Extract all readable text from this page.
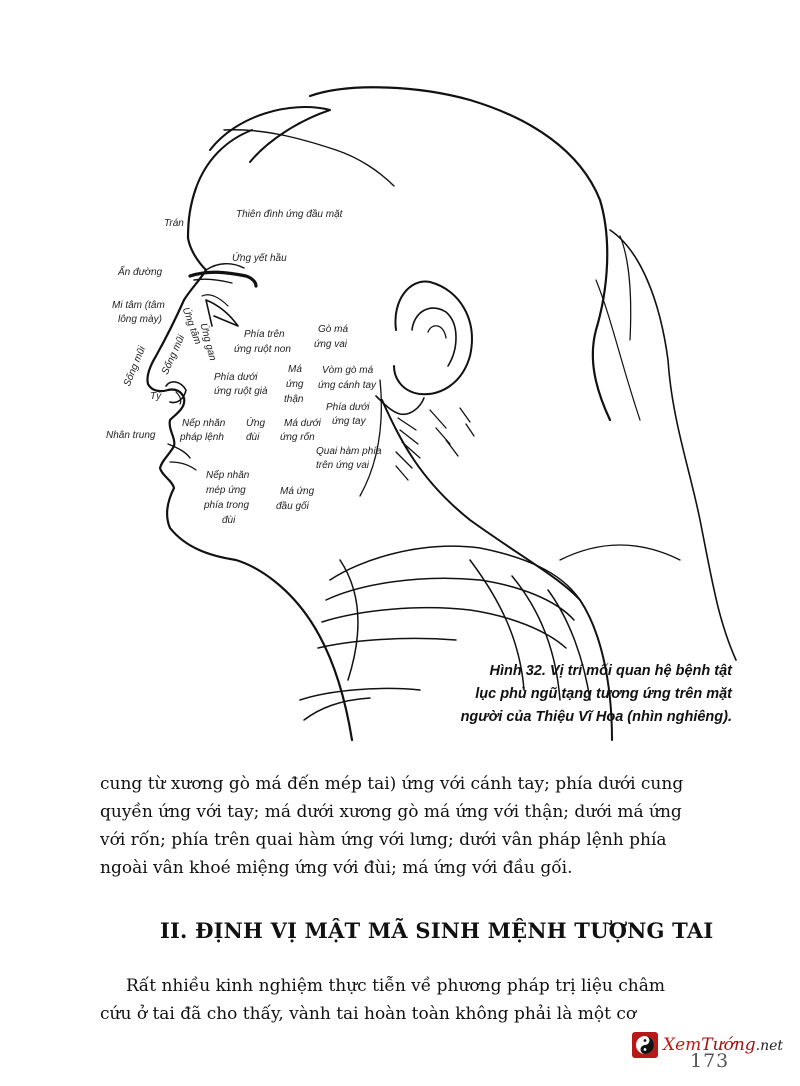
Trán
Thiên đình ứng đầu mặt
Ứng yết hầu
Ấn đường
Mi tâm (tâm
lông mày) Ứng tâm
Ứng gan
Sống mũi Sống mũi	Phía trên
ứng ruột non
Gò má
ứng vai
Phía dưới
ứng ruột già
Má
ứng
thận
Vòm gò má
ứng cánh tay
Tỷ
Phía dưới
ứng tay
Nếp nhăn
pháp lệnh
Ứng
đùi
Má dưới
ứng rốn
Nhân trung
Quai hàm phía
trên ứng vai
Nếp nhăn
mép ứng
phía trong
đùi
Má ứng
đầu gối
Hình 32. Vị trí mối quan hệ bệnh tật
lục phủ ngũ tạng tương ứng trên mặt
người của Thiệu Vĩ Hoa (nhìn nghiêng).
cung từ xương gò má đến mép tai) ứng với cánh tay; phía dưới cung
quyền ứng với tay; má dưới xương gò má ứng với thận; dưới má ứng
với rốn; phía trên quai hàm ứng với lưng; dưới vân pháp lệnh phía
ngoài vân khoé miệng ứng với đùi; má ứng với đầu gối.
II. ĐỊNH VỊ MẬT MÃ SINH MỆNH TƯỢNG TAI
Rất nhiều kinh nghiệm thực tiễn về phương pháp trị liệu châm
cứu ở tai đã cho thấy, vành tai hoàn toàn không phải là một cơ
173
XemTướng.net
